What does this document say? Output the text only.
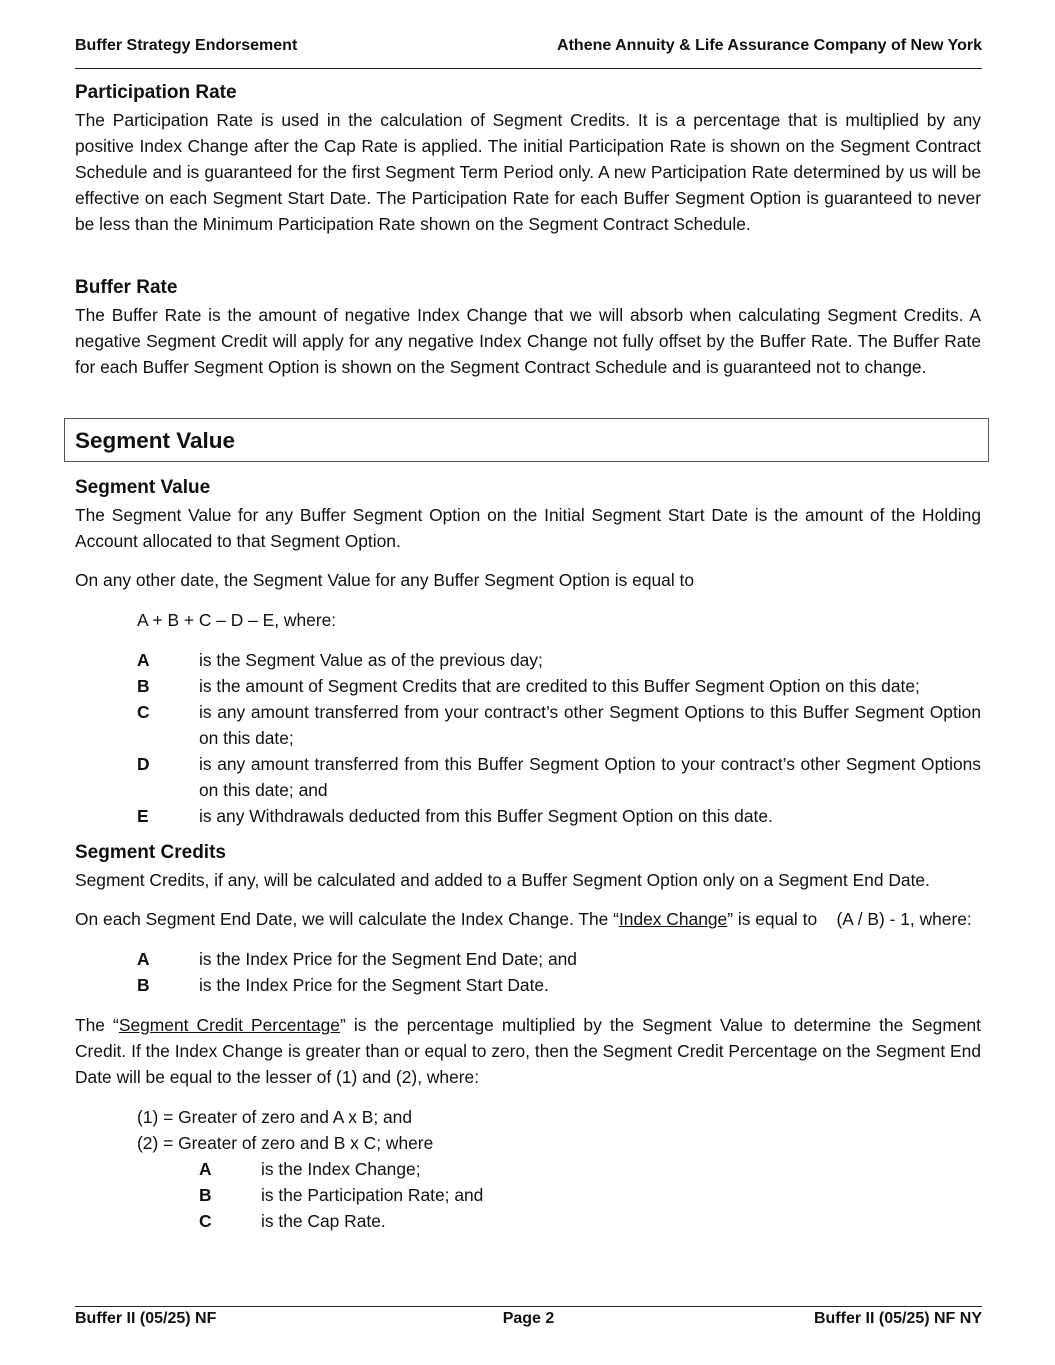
Buffer Strategy Endorsement	Athene Annuity & Life Assurance Company of New York
Participation Rate

The Participation Rate is used in the calculation of Segment Credits. It is a percentage that is multiplied by any positive Index Change after the Cap Rate is applied. The initial Participation Rate is shown on the Segment Contract Schedule and is guaranteed for the first Segment Term Period only. A new Participation Rate determined by us will be effective on each Segment Start Date. The Participation Rate for each Buffer Segment Option is guaranteed to never be less than the Minimum Participation Rate shown on the Segment Contract Schedule.

Buffer Rate

The Buffer Rate is the amount of negative Index Change that we will absorb when calculating Segment Credits. A negative Segment Credit will apply for any negative Index Change not fully offset by the Buffer Rate. The Buffer Rate for each Buffer Segment Option is shown on the Segment Contract Schedule and is guaranteed not to change.

Segment Value

The Segment Value for any Buffer Segment Option on the Initial Segment Start Date is the amount of the Holding Account allocated to that Segment Option.

On any other date, the Segment Value for any Buffer Segment Option is equal to

A + B + C – D – E, where:
A	is the Segment Value as of the previous day;
B	is the amount of Segment Credits that are credited to this Buffer Segment Option on this date;
C	is any amount transferred from your contract’s other Segment Options to this Buffer Segment Option on this date;
D	is any amount transferred from this Buffer Segment Option to your contract’s other Segment Options on this date; and
E	is any Withdrawals deducted from this Buffer Segment Option on this date.
Segment Credits

Segment Credits, if any, will be calculated and added to a Buffer Segment Option only on a Segment End Date.

On each Segment End Date, we will calculate the Index Change. The “Index Change” is equal to    (A / B) - 1, where:

A	is the Index Price for the Segment End Date; and
B	is the Index Price for the Segment Start Date.

The “Segment Credit Percentage” is the percentage multiplied by the Segment Value to determine the Segment Credit. If the Index Change is greater than or equal to zero, then the Segment Credit Percentage on the Segment End Date will be equal to the lesser of (1) and (2), where:

(1) = Greater of zero and A x B; and
(2) = Greater of zero and B x C; where
A	is the Index Change;
B	is the Participation Rate; and
C	is the Cap Rate.
Segment Value
Buffer II (05/25) NF	Page 2	Buffer II (05/25) NF NY
